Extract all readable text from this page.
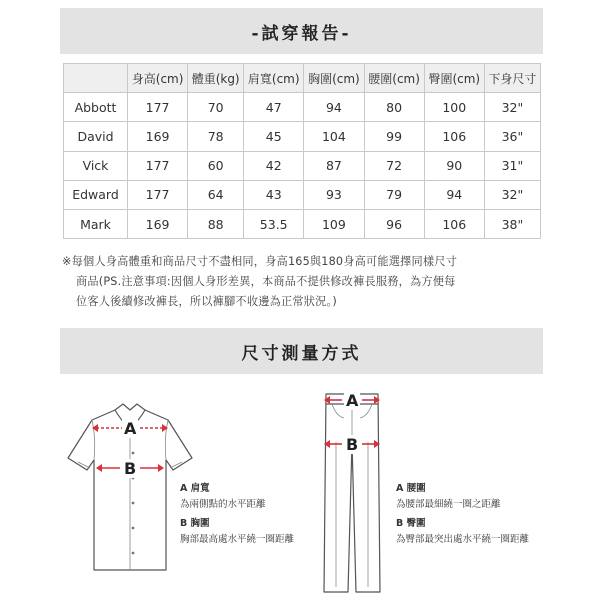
-試穿報告-
	身高(cm)	體重(kg)	肩寬(cm)	胸圍(cm)	腰圍(cm)	臀圍(cm)	下身尺寸
Abbott	177	70	47	94	80	100	32"
David	169	78	45	104	99	106	36"
Vick	177	60	42	87	72	90	31"
Edward	177	64	43	93	79	94	32"
Mark	169	88	53.5	109	96	106	38"
※每個人身高體重和商品尺寸不盡相同，身高165與180身高可能選擇同樣尺寸
商品(PS.注意事項:因個人身形差異，本商品不提供修改褲長服務，為方便每
位客人後續修改褲長，所以褲腳不收邊為正常狀況。)
尺寸測量方式
A
B
A 肩寬
為兩側點的水平距離
B 胸圍
胸部最高處水平繞一圈距離
A
B
A 腰圍
為腰部最細繞一圈之距離
B 臀圍
為臀部最突出處水平繞一圈距離
